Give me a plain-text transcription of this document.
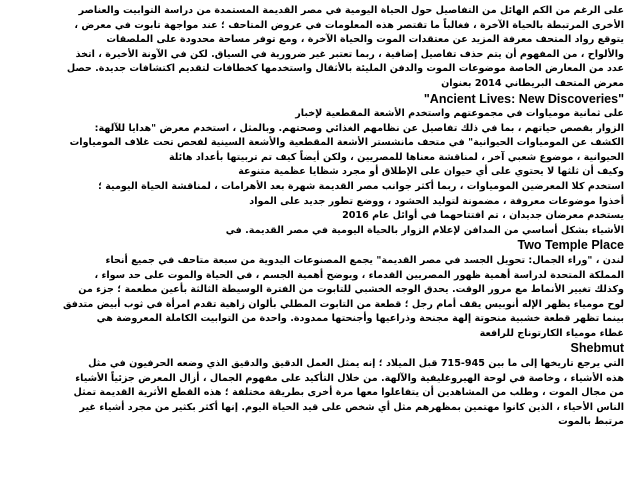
على الرغم من الكم الهائل من التفاصيل حول الحياة اليومية في مصر القديمة المستمدة من دراسة التوابيت والعناصر

الأخرى المرتبطة بالحياة الآخرة ، فغالباً ما تقتصر هذه المعلومات في عروض المتاحف ؛ عند مواجهة تابوت في معرض ،

يتوقع رواد المتحف معرفة المزيد عن معتقدات الموت والحياة الآخرة ، ومع توفر مساحة محدودة على الملصقات

والألواح ، من المفهوم أن يتم حذف تفاصيل إضافية ، ربما تعتبر غير ضرورية في السياق. لكن في الآونة الأخيرة ، اتخذ

عدد من المعارض الخاصة موضوعات الموت والدفن المليئة بالأثقال واستخدمها كخطافات لتقديم اكتشافات جديدة. حصل

معرض المتحف البريطاني 2014 بعنوان

"Ancient Lives: New Discoveries"

على ثمانية مومياوات في مجموعتهم واستخدم الأشعة المقطعية لإخبار

الزوار بقصص حياتهم ، بما في ذلك تفاصيل عن نظامهم الغذائي وصحتهم. وبالمثل ، استخدم معرض "هدايا للآلهة:

الكشف عن المومياوات الحيوانية" في متحف مانشستر الأشعة المقطعية والأشعة السينية لفحص تحت غلاف المومياوات

الحيوانية ، موضوع شعبي آخر ، لمناقشة معناها للمصريين ، ولكن أيضاً كيف تم تربيتها بأعداد هائلة

وكيف أن ثلثها لا يحتوي على أي حيوان على الإطلاق أو مجرد شظايا عظمية متنوعة

استخدم كلا المعرضين المومياوات ، ربما أكثر جوانب مصر القديمة شهرة بعد الأهرامات ، لمناقشة الحياة اليومية ؛

أخذوا موضوعات معروفة ، مضمونة لتوليد الحشود ، ووضع تطور جديد على المواد

يستخدم معرضان جديدان ، تم افتتاحهما في أوائل عام 2016

الأشياء بشكل أساسي من المدافن لإعلام الزوار بالحياة اليومية في مصر القديمة. في

Two Temple Place

لندن ، "وراء الجمال: تحويل الجسد في مصر القديمة" يجمع المصنوعات اليدوية من سبعة متاحف في جميع أنحاء

المملكة المتحدة لدراسة أهمية ظهور المصريين القدماء ، ويوضح أهمية الجسم ، في الحياة والموت على حد سواء ،

وكذلك تغيير الأنماط مع مرور الوقت. يحدق الوجه الخشبي للتابوت من الفترة الوسيطة الثالثة بأعين مطعمة ؛ جزء من

لوح مومياء يظهر الإله أنوبيس يقف أمام رجل ؛ قطعة من التابوت المطلي بألوان زاهية تقدم امرأة في ثوب أبيض متدفق

بينما تظهر قطعة خشبية منحوتة إلهة مجنحة وذراعيها وأجنحتها ممدودة. واحدة من التوابيت الكاملة المعروضة هي

غطاء مومياء الكارتوناج للرافعة

Shebmut

التي يرجع تاريخها إلى ما بين 945-715 قبل الميلاد ؛ إنه يمثل العمل الدقيق والدقيق الذي وضعه الحرفيون في مثل

هذه الأشياء ، وخاصة في لوحة الهيروغليفية والآلهة. من خلال التأكيد على مفهوم الجمال ، أزال المعرض جزئياً الأشياء

من مجال الموت ، وطلب من المشاهدين أن يتفاعلوا معها مرة أخرى بطريقة مختلفة ؛ هذه القطع الأثرية القديمة تمثل

الناس الأحياء ، الذين كانوا مهتمين بمظهرهم مثل أي شخص على قيد الحياة اليوم. إنها أكثر بكثير من مجرد أشياء غير

مرتبط بالموت
